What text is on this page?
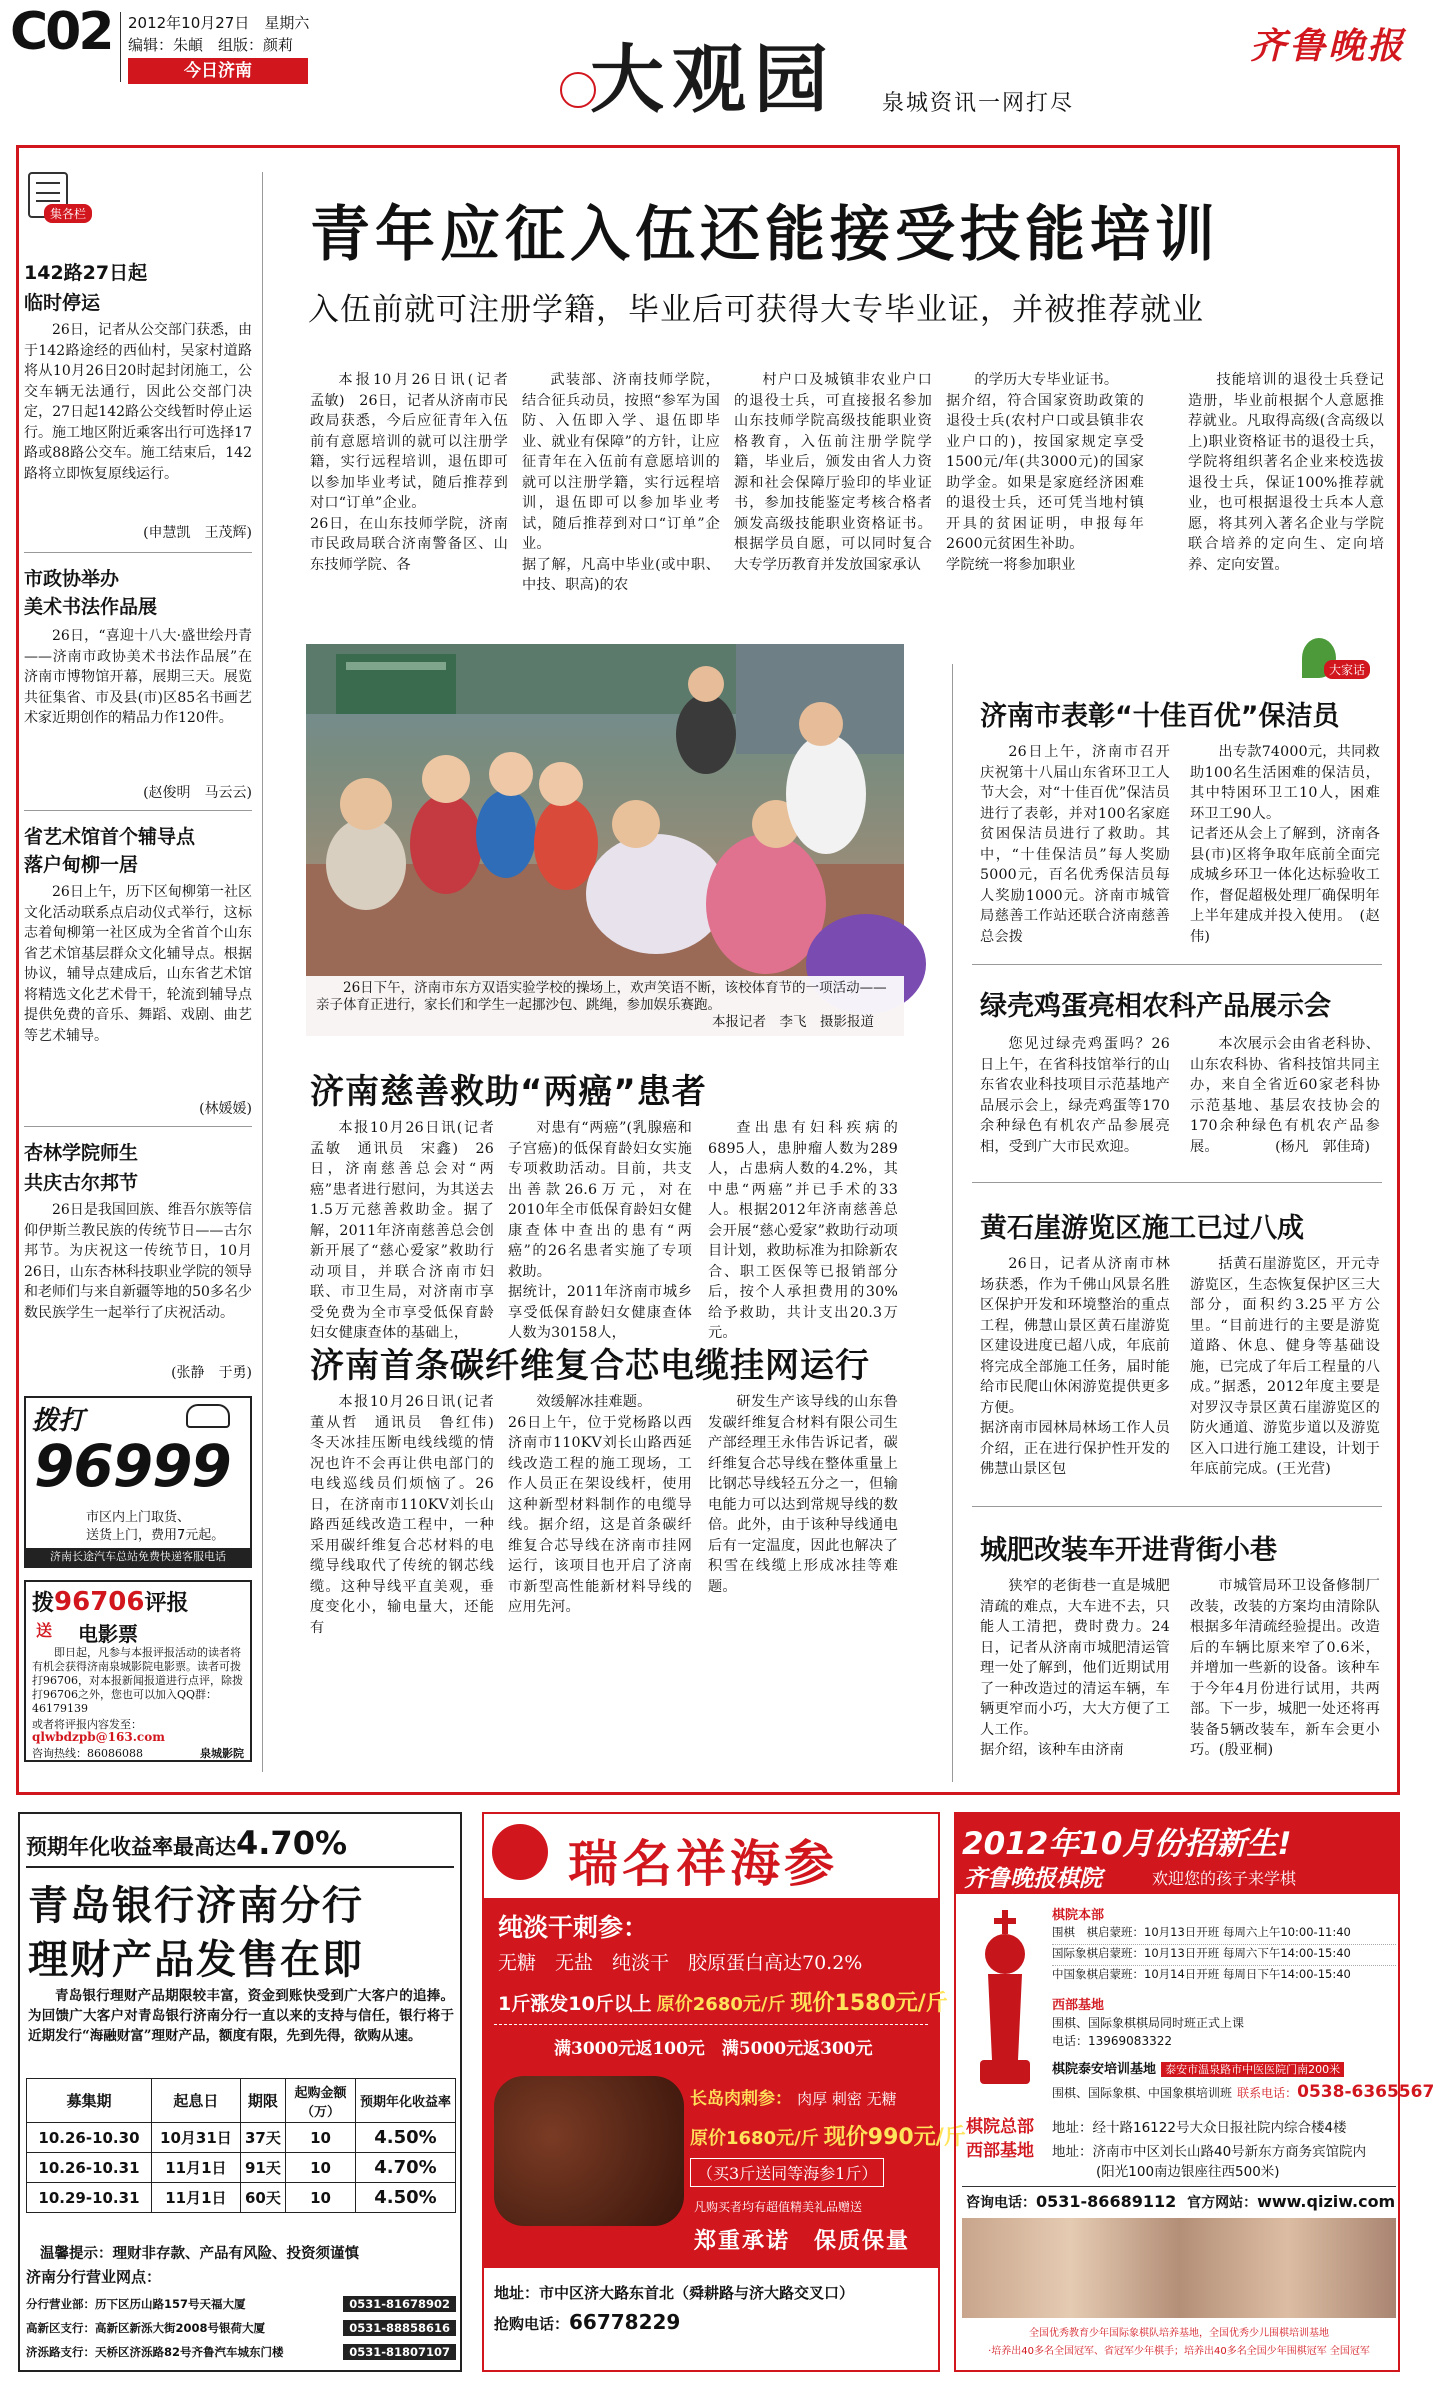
C02 2012年10月27日　星期六
编辑：朱頔　组版：颜莉
今日济南	大观园 泉城资讯一网打尽
齐鲁晚报
集各栏
142路27日起
临时停运
26日，记者从公交部门获悉，由于142路途经的西仙村，吴家村道路将从10月26日20时起封闭施工，公交车辆无法通行，因此公交部门决定，27日起142路公交线暂时停止运行。施工地区附近乘客出行可选择17路或88路公交车。施工结束后，142路将立即恢复原线运行。
(申慧凯　王茂辉)
市政协举办
美术书法作品展
26日，“喜迎十八大·盛世绘丹青——济南市政协美术书法作品展”在济南市博物馆开幕，展期三天。展览共征集省、市及县(市)区85名书画艺术家近期创作的精品力作120件。
(赵俊明　马云云)
省艺术馆首个辅导点
落户甸柳一居
26日上午，历下区甸柳第一社区文化活动联系点启动仪式举行，这标志着甸柳第一社区成为全省首个山东省艺术馆基层群众文化辅导点。根据协议，辅导点建成后，山东省艺术馆将精选文化艺术骨干，轮流到辅导点提供免费的音乐、舞蹈、戏剧、曲艺等艺术辅导。
(林媛媛)
杏林学院师生
共庆古尔邦节
26日是我国回族、维吾尔族等信仰伊斯兰教民族的传统节日——古尔邦节。为庆祝这一传统节日，10月26日，山东杏林科技职业学院的领导和老师们与来自新疆等地的50多名少数民族学生一起举行了庆祝活动。
(张静　于勇)
拨打
96999
市区内上门取货、
送货上门，费用7元起。
济南长途汽车总站免费快递客服电话
拨96706评报
送 电影票
即日起，凡参与本报评报活动的读者将有机会获得济南泉城影院电影票。读者可拨打96706，对本报新闻报道进行点评，除拨打96706之外，您也可以加入QQ群：46179139
或者将评报内容发至：
qlwbdzpb@163.com
咨询热线：86086088	泉城影院
青年应征入伍还能接受技能培训
入伍前就可注册学籍，毕业后可获得大专毕业证，并被推荐就业
本报10月26日讯(记者　孟敏)　26日，记者从济南市民政局获悉，今后应征青年入伍前有意愿培训的就可以注册学籍，实行远程培训，退伍即可以参加毕业考试，随后推荐到对口“订单”企业。
26日，在山东技师学院，济南市民政局联合济南警备区、山东技师学院、各
武装部、济南技师学院，结合征兵动员，按照“参军为国防、入伍即入学、退伍即毕业、就业有保障”的方针，让应征青年在入伍前有意愿培训的就可以注册学籍，实行远程培训，退伍即可以参加毕业考试，随后推荐到对口“订单”企业。
据了解，凡高中毕业(或中职、中技、职高)的农
村户口及城镇非农业户口的退役士兵，可直接报名参加山东技师学院高级技能职业资格教育，入伍前注册学院学籍，毕业后，颁发由省人力资源和社会保障厅验印的毕业证书，参加技能鉴定考核合格者颁发高级技能职业资格证书。根据学员自愿，可以同时复合大专学历教育并发放国家承认
的学历大专毕业证书。
据介绍，符合国家资助政策的退役士兵(农村户口或县镇非农业户口的)，按国家规定享受1500元/年(共3000元)的国家助学金。如果是家庭经济困难的退役士兵，还可凭当地村镇开具的贫困证明，申报每年2600元贫困生补助。
学院统一将参加职业
技能培训的退役士兵登记造册，毕业前根据个人意愿推荐就业。凡取得高级(含高级以上)职业资格证书的退役士兵，学院将组织著名企业来校选拔退役士兵，保证100%推荐就业，也可根据退役士兵本人意愿，将其列入著名企业与学院联合培养的定向生、定向培养、定向安置。
26日下午，济南市东方双语实验学校的操场上，欢声笑语不断，该校体育节的一项活动——亲子体育正进行，家长们和学生一起挪沙包、跳绳，参加娱乐赛跑。
本报记者　李飞　摄影报道
济南慈善救助“两癌”患者
本报10月26日讯(记者　孟敏　通讯员　宋鑫)　26日，济南慈善总会对“两癌”患者进行慰问，为其送去1.5万元慈善救助金。据了解，2011年济南慈善总会创新开展了“慈心爱家”救助行动项目，并联合济南市妇联、市卫生局，对济南市享受免费为全市享受低保育龄妇女健康查体的基础上，
对患有“两癌”(乳腺癌和子宫癌)的低保育龄妇女实施专项救助活动。目前，共支出善款26.6万元，对在2010年全市低保育龄妇女健康查体中查出的患有“两癌”的26名患者实施了专项救助。
据统计，2011年济南市城乡享受低保育龄妇女健康查体人数为30158人，
查出患有妇科疾病的6895人，患肿瘤人数为289人，占患病人数的4.2%，其中患“两癌”并已手术的33人。根据2012年济南慈善总会开展“慈心爱家”救助行动项目计划，救助标准为扣除新农合、职工医保等已报销部分后，按个人承担费用的30%给予救助，共计支出20.3万元。
济南首条碳纤维复合芯电缆挂网运行
本报10月26日讯(记者　董从哲　通讯员　鲁红伟)　冬天冰挂压断电线线缆的情况也许不会再让供电部门的电线巡线员们烦恼了。26日，在济南市110KV刘长山路西延线改造工程中，一种采用碳纤维复合芯材料的电缆导线取代了传统的钢芯线缆。这种导线平直美观，垂度变化小，输电量大，还能有
效缓解冰挂难题。
26日上午，位于党杨路以西济南市110KV刘长山路西延线改造工程的施工现场，工作人员正在架设线杆，使用这种新型材料制作的电缆导线。据介绍，这是首条碳纤维复合芯导线在济南市挂网运行，该项目也开启了济南市新型高性能新材料导线的应用先河。
研发生产该导线的山东鲁发碳纤维复合材料有限公司生产部经理王永伟告诉记者，碳纤维复合芯导线在整体重量上比钢芯导线轻五分之一，但输电能力可以达到常规导线的数倍。此外，由于该种导线通电后有一定温度，因此也解决了积雪在线缆上形成冰挂等难题。
大家话
济南市表彰“十佳百优”保洁员
26日上午，济南市召开庆祝第十八届山东省环卫工人节大会，对“十佳百优”保洁员进行了表彰，并对100名家庭贫困保洁员进行了救助。其中，“十佳保洁员”每人奖励5000元，百名优秀保洁员每人奖励1000元。济南市城管局慈善工作站还联合济南慈善总会拨
出专款74000元，共同救助100名生活困难的保洁员，其中特困环卫工10人，困难环卫工90人。
记者还从会上了解到，济南各县(市)区将争取年底前全面完成城乡环卫一体化达标验收工作，督促超极处理厂确保明年上半年建成并投入使用。　(赵伟)
绿壳鸡蛋亮相农科产品展示会
您见过绿壳鸡蛋吗？26日上午，在省科技馆举行的山东省农业科技项目示范基地产品展示会上，绿壳鸡蛋等170余种绿色有机农产品参展亮相，受到广大市民欢迎。
本次展示会由省老科协、山东农科协、省科技馆共同主办，来自全省近60家老科协示范基地、基层农技协会的170余种绿色有机农产品参展。	(杨凡　郭佳琦)
黄石崖游览区施工已过八成
26日，记者从济南市林场获悉，作为千佛山风景名胜区保护开发和环境整治的重点工程，佛慧山景区黄石崖游览区建设进度已超八成，年底前将完成全部施工任务，届时能给市民爬山休闲游览提供更多方便。
据济南市园林局林场工作人员介绍，正在进行保护性开发的佛慧山景区包
括黄石崖游览区，开元寺游览区，生态恢复保护区三大部分，面积约3.25平方公里。“目前进行的主要是游览道路、休息、健身等基础设施，已完成了年后工程量的八成。”据悉，2012年度主要是对罗汉寺景区黄石崖游览区的防火通道、游览步道以及游览区入口进行施工建设，计划于年底前完成。(王光营)
城肥改装车开进背街小巷
狭窄的老街巷一直是城肥清疏的难点，大车进不去，只能人工清把，费时费力。24日，记者从济南市城肥清运管理一处了解到，他们近期试用了一种改造过的清运车辆，车辆更窄而小巧，大大方便了工人工作。
据介绍，该种车由济南
市城管局环卫设备修制厂改装，改装的方案均由清除队根据多年清疏经验提出。改造后的车辆比原来窄了0.6米，并增加一些新的设备。该种车于今年4月份进行试用，共两部。下一步，城肥一处还将再装备5辆改装车，新车会更小巧。(殷亚桐)
预期年化收益率最高达4.70%
青岛银行济南分行
理财产品发售在即
青岛银行理财产品期限较丰富，资金到账快受到广大客户的追捧。为回馈广大客户对青岛银行济南分行一直以来的支持与信任，银行将于近期发行“海融财富”理财产品，额度有限，先到先得，欲购从速。
募集期	起息日	期限	起购金额（万）	预期年化收益率
10.26-10.30	10月31日	37天	10	4.50%
10.26-10.31	11月1日	91天	10	4.70%
10.29-10.31	11月1日	60天	10	4.50%
温馨提示：理财非存款、产品有风险、投资须谨慎
济南分行营业网点：
分行营业部：历下区历山路157号天福大厦	0531-81678902
高新区支行：高新区新泺大街2008号银荷大厦	0531-88858616
济泺路支行：天桥区济泺路82号齐鲁汽车城东门楼	0531-81807107
瑞名祥海参
纯淡干刺参：
无糖　无盐　纯淡干　胶原蛋白高达70.2%
1斤涨发10斤以上 原价2680元/斤 现价1580元/斤
满3000元返100元　满5000元返300元
长岛肉刺参： 肉厚 刺密 无糖
原价1680元/斤 现价990元/斤
（买3斤送同等海参1斤）
凡购买者均有超值精美礼品赠送
郑重承诺　保质保量
地址：市中区济大路东首北（舜耕路与济大路交叉口）
抢购电话：66778229
2012年10月份招新生!
齐鲁晚报棋院	欢迎您的孩子来学棋
棋院本部
围棋　棋启蒙班：10月13日开班 每周六上午10:00-11:40
国际象棋启蒙班：10月13日开班 每周六下午14:00-15:40
中国象棋启蒙班：10月14日开班 每周日下午14:00-15:40
西部基地
围棋、国际象棋棋局同时班正式上课
电话：13969083322
棋院泰安培训基地 泰安市温泉路市中医医院门南200米
围棋、国际象棋、中国象棋培训班 联系电话：0538-6365567
棋院总部 地址：经十路16122号大众日报社院内综合楼4楼
西部基地 地址：济南市中区刘长山路40号新东方商务宾馆院内
(阳光100南边银座往西500米)
咨询电话：0531-86689112 官方网站：www.qiziw.com
全国优秀教育少年国际象棋队培养基地，全国优秀少儿围棋培训基地
·培养出40多名全国冠军、省冠军少年棋手；培养出40多名全国少年围棋冠军 全国冠军
